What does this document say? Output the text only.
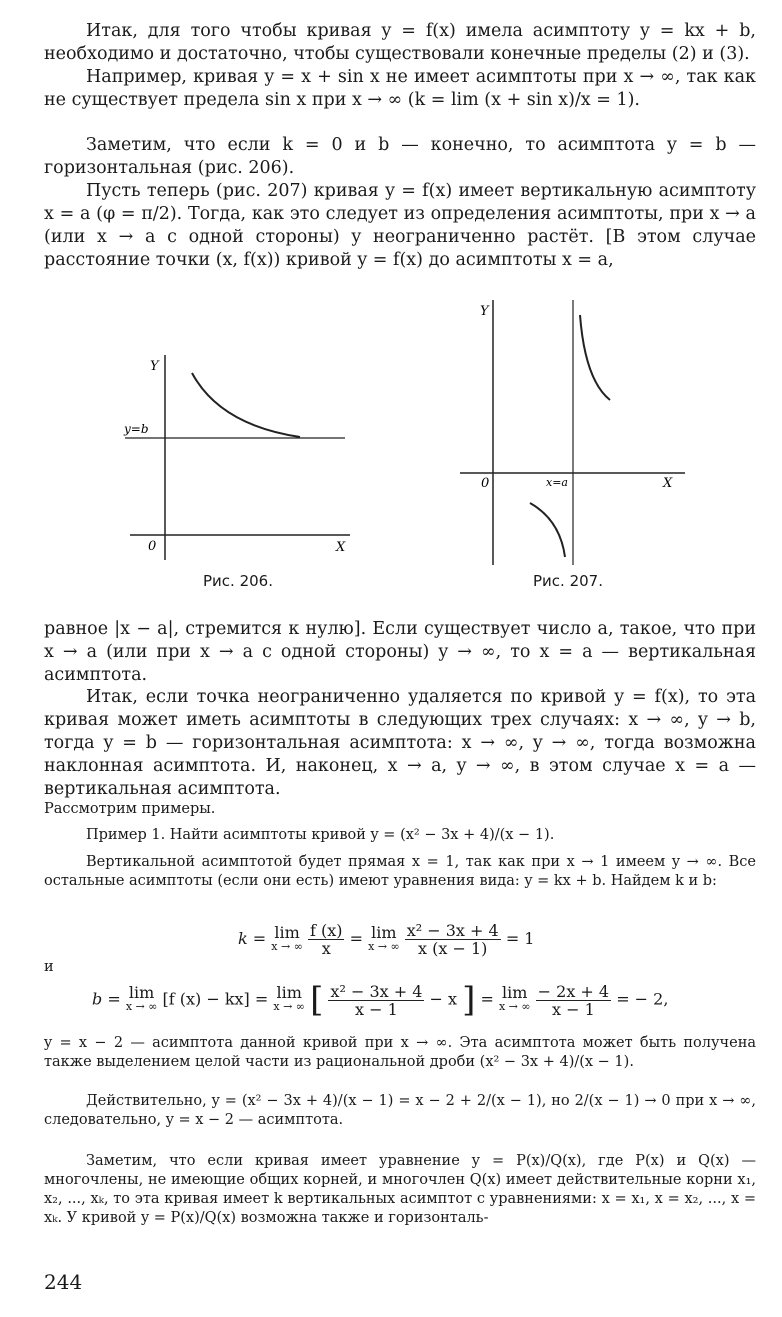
Итак, для того чтобы кривая y = f(x) имела асимптоту y = kx + b, необходимо и достаточно, чтобы существовали конечные пределы (2) и (3).
Например, кривая y = x + sin x не имеет асимптоты при x → ∞, так как не существует предела sin x при x → ∞ (k = lim (x + sin x)/x = 1).
Заметим, что если k = 0 и b — конечно, то асимптота y = b — горизонтальная (рис. 206).
Пусть теперь (рис. 207) кривая y = f(x) имеет вертикальную асимптоту x = a (φ = π/2). Тогда, как это следует из определения асимптоты, при x → a (или x → a с одной стороны) y неограниченно растёт. [В этом случае расстояние точки (x, f(x)) кривой y = f(x) до асимптоты x = a,
Y
X
0
y=b
Y
X
0	x=a
Рис. 206.	Рис. 207.
равное |x − a|, стремится к нулю]. Если существует число a, такое, что при x → a (или при x → a с одной стороны) y → ∞, то x = a — вертикальная асимптота.
Итак, если точка неограниченно удаляется по кривой y = f(x), то эта кривая может иметь асимптоты в следующих трех случаях: x → ∞, y → b, тогда y = b — горизонтальная асимптота: x → ∞, y → ∞, тогда возможна наклонная асимптота. И, наконец, x → a, y → ∞, в этом случае x = a — вертикальная асимптота.
Рассмотрим примеры.
Пример 1. Найти асимптоты кривой y = (x² − 3x + 4)/(x − 1).
Вертикальной асимптотой будет прямая x = 1, так как при x → 1 имеем y → ∞. Все остальные асимптоты (если они есть) имеют уравнения вида: y = kx + b. Найдем k и b:
k = lim
x → ∞
$\frac{f (x)}{x} = \lim$
x → ∞
$\frac{\text{x² − 3x + 4}}{x (x - 1)} = 1$
и
b = lim
x → ∞ [f (x) − kx] = lim
x → ∞ [ $\frac{\text{x² − 3x + 4}}{x - 1} - x$ ] = lim
x → ∞
$\frac{- 2x + 4}{x - 1}$ = − 2,
y = x − 2 — асимптота данной кривой при x → ∞. Эта асимптота может быть получена также выделением целой части из рациональной дроби (x² − 3x + 4)/(x − 1).
Действительно, y = (x² − 3x + 4)/(x − 1) = x − 2 + 2/(x − 1), но 2/(x − 1) → 0 при x → ∞, следовательно, y = x − 2 — асимптота.
Заметим, что если кривая имеет уравнение y = P(x)/Q(x), где P(x) и Q(x) — многочлены, не имеющие общих корней, и многочлен Q(x) имеет действительные корни x₁, x₂, ..., xₖ, то эта кривая имеет k вертикальных асимптот с уравнениями: x = x₁, x = x₂, ..., x = xₖ. У кривой y = P(x)/Q(x) возможна также и горизонталь-
244
